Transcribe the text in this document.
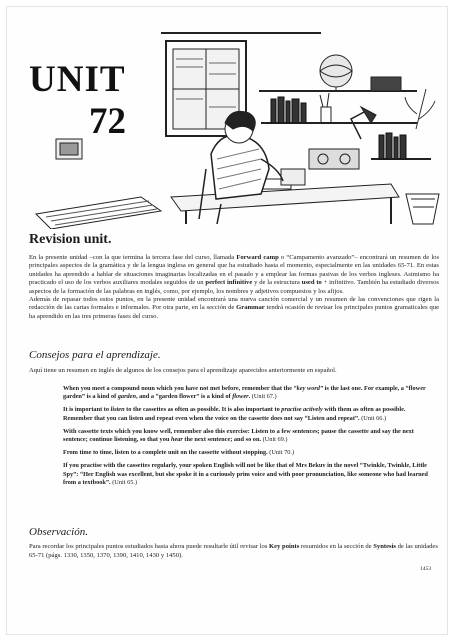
UNIT
72
Revision unit.

En la presente unidad –con la que termina la tercera fase del curso, llamada Forward camp o “Campamento avanzado”– encontrará un resumen de los principales aspectos de la gramática y de la lengua inglesa en general que ha estudiado hasta el momento, especialmente en las unidades 65-71. En estas unidades ha aprendido a hablar de situaciones imaginarias localizadas en el pasado y a emplear las formas pasivas de los verbos ingleses. Asimismo ha practicado el uso de los verbos auxiliares modales seguidos de un perfect infinitive y de la estructura used to + infinitivo. También ha estudiado diversos aspectos de la formación de las palabras en inglés, como, por ejemplo, los nombres y adjetivos compuestos y los afijos.

Además de repasar todos estos puntos, en la presente unidad encontrará una nueva canción comercial y un resumen de las convenciones que rigen la redacción de las cartas formales e informales. Por otra parte, en la sección de Grammar tendrá ocasión de revisar los principales puntos gramaticales que ha aprendido en las tres primeras fases del curso.

Consejos para el aprendizaje.

Aquí tiene un resumen en inglés de algunos de los consejos para el aprendizaje aparecidos anteriormente en español.

When you meet a compound noun which you have not met before, remember that the “key word” is the last one. For example, a “flower garden” is a kind of garden, and a “garden flower” is a kind of flower. (Unit 67.)
It is important to listen to the cassettes as often as possible. It is also important to practise actively with them as often as possible. Remember that you can listen and repeat even when the voice on the cassette does not say “Listen and repeat”. (Unit 66.)
With cassette texts which you know well, remember also this exercise: Listen to a few sentences; pause the cassette and say the next sentence; continue listening, so that you hear the next sentence; and so on. (Unit 69.)
From time to time, listen to a complete unit on the cassette without stopping. (Unit 70.)
If you practise with the cassettes regularly, your spoken English will not be like that of Mrs Bekuv in the novel “Twinkle, Twinkle, Little Spy”: “Her English was excellent, but she spoke it in a curiously prim voice and with poor pronunciation, like someone who had learned from a textbook”. (Unit 65.)
Observación.

Para recordar los principales puntos estudiados hasta ahora puede resultarle útil revisar los Key points resumidos en la sección de Syntesis de las unidades 65-71 (págs. 1330, 1350, 1370, 1390, 1410, 1430 y 1450).

1453
